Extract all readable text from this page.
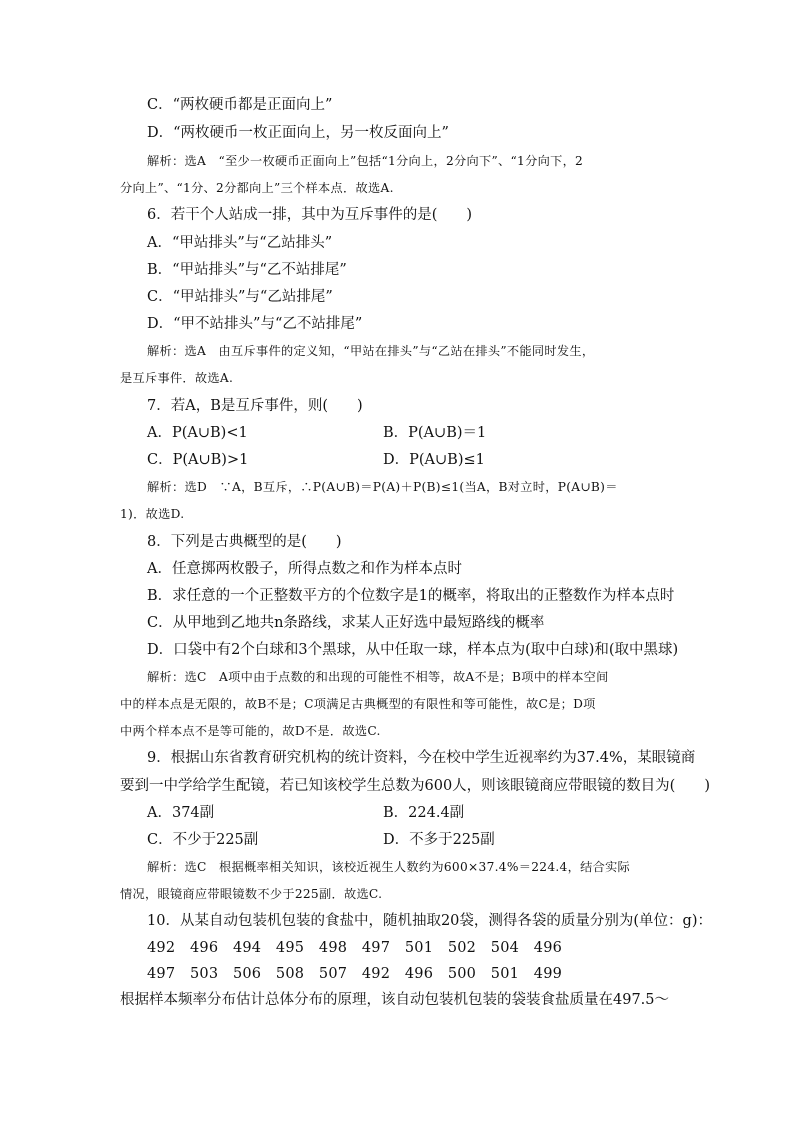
C．“两枚硬币都是正面向上”
D．“两枚硬币一枚正面向上，另一枚反面向上”
解析：选A　“至少一枚硬币正面向上”包括“1分向上，2分向下”、“1分向下，2
分向上”、“1分、2分都向上”三个样本点．故选A.
6．若干个人站成一排，其中为互斥事件的是(　　)
A．“甲站排头”与“乙站排头”
B．“甲站排头”与“乙不站排尾”
C．“甲站排头”与“乙站排尾”
D．“甲不站排头”与“乙不站排尾”
解析：选A　由互斥事件的定义知，“甲站在排头”与“乙站在排头”不能同时发生，
是互斥事件．故选A.
7．若A，B是互斥事件，则(　　)
A．P(A∪B)<1	B．P(A∪B)＝1
C．P(A∪B)>1	D．P(A∪B)≤1
解析：选D　∵A，B互斥，∴P(A∪B)＝P(A)＋P(B)≤1(当A，B对立时，P(A∪B)＝
1)．故选D.
8．下列是古典概型的是(　　)
A．任意掷两枚骰子，所得点数之和作为样本点时
B．求任意的一个正整数平方的个位数字是1的概率，将取出的正整数作为样本点时
C．从甲地到乙地共n条路线，求某人正好选中最短路线的概率
D．口袋中有2个白球和3个黑球，从中任取一球，样本点为(取中白球)和(取中黑球)
解析：选C　A项中由于点数的和出现的可能性不相等，故A不是；B项中的样本空间
中的样本点是无限的，故B不是；C项满足古典概型的有限性和等可能性，故C是；D项
中两个样本点不是等可能的，故D不是．故选C.
9．根据山东省教育研究机构的统计资料，今在校中学生近视率约为37.4%，某眼镜商
要到一中学给学生配镜，若已知该校学生总数为600人，则该眼镜商应带眼镜的数目为(　　)
A．374副	B．224.4副
C．不少于225副	D．不多于225副
解析：选C　根据概率相关知识，该校近视生人数约为600×37.4%＝224.4，结合实际
情况，眼镜商应带眼镜数不少于225副．故选C.
10．从某自动包装机包装的食盐中，随机抽取20袋，测得各袋的质量分别为(单位：g)：
492　496　494　495　498　497　501　502　504　496
497　503　506　508　507　492　496　500　501　499
根据样本频率分布估计总体分布的原理，该自动包装机包装的袋装食盐质量在497.5～
